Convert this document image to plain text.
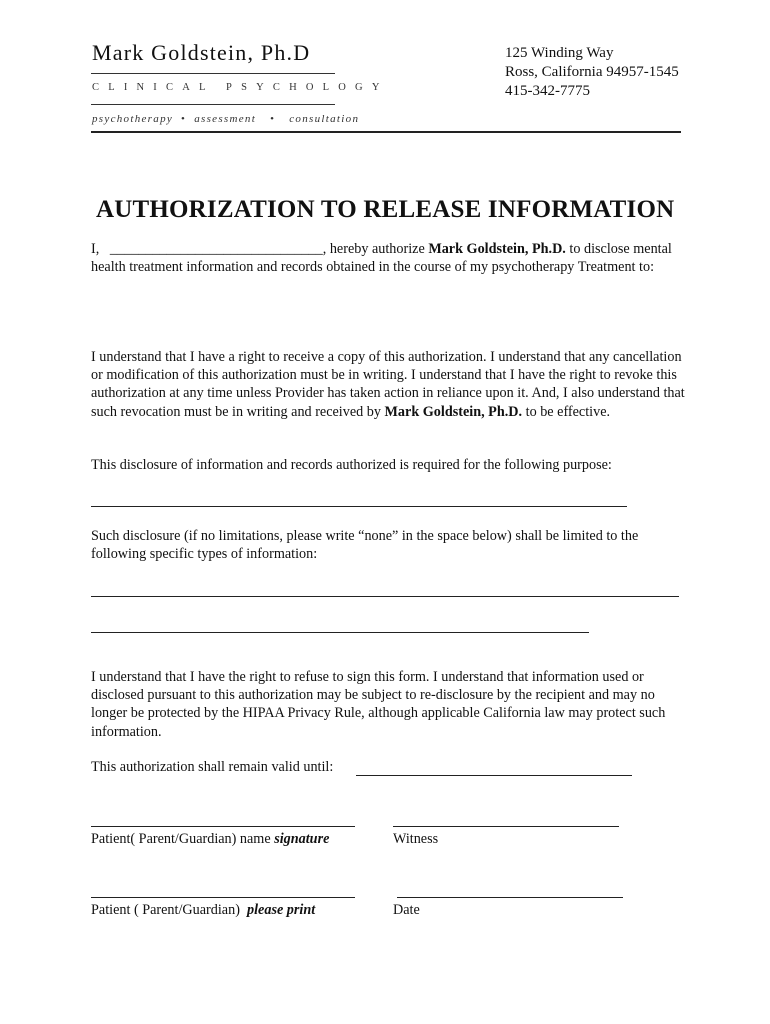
Mark Goldstein, Ph.D
CLINICAL PSYCHOLOGY
psychotherapy • assessment • consultation
125 Winding Way
Ross, California 94957-1545
415-342-7775
AUTHORIZATION TO RELEASE INFORMATION
I, ______________________________, hereby authorize Mark Goldstein, Ph.D. to disclose mental health treatment information and records obtained in the course of my psychotherapy Treatment to:
I understand that I have a right to receive a copy of this authorization. I understand that any cancellation or modification of this authorization must be in writing. I understand that I have the right to revoke this authorization at any time unless Provider has taken action in reliance upon it. And, I also understand that such revocation must be in writing and received by Mark Goldstein, Ph.D. to be effective.
This disclosure of information and records authorized is required for the following purpose:
Such disclosure (if no limitations, please write “none” in the space below) shall be limited to the following specific types of information:
I understand that I have the right to refuse to sign this form. I understand that information used or disclosed pursuant to this authorization may be subject to re-disclosure by the recipient and may no longer be protected by the HIPAA Privacy Rule, although applicable California law may protect such information.
This authorization shall remain valid until:
Patient( Parent/Guardian) name signature	Witness
Patient ( Parent/Guardian)  please print	Date
